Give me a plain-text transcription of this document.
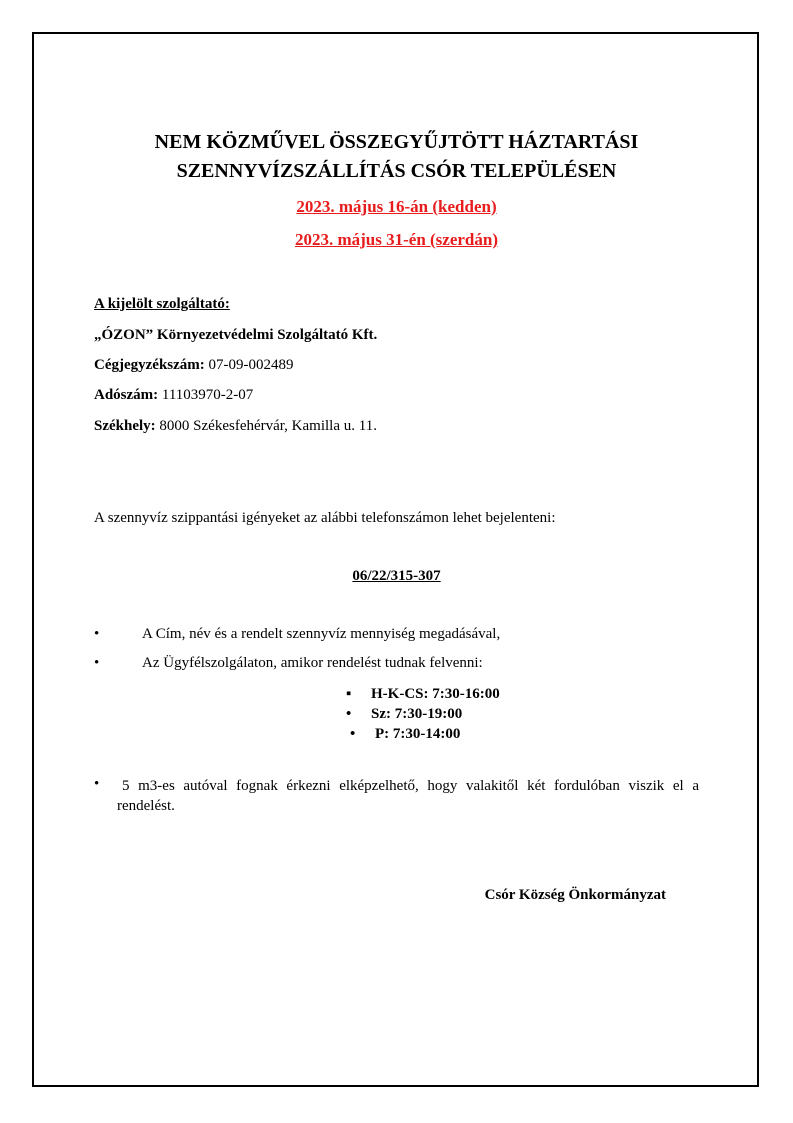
NEM KÖZMŰVEL ÖSSZEGYŰJTÖTT HÁZTARTÁSI
SZENNYVÍZSZÁLLÍTÁS CSÓR TELEPÜLÉSEN
2023. május 16-án (kedden)
2023. május 31-én (szerdán)
A kijelölt szolgáltató:
„ÓZON” Környezetvédelmi Szolgáltató Kft.
Cégjegyzékszám: 07-09-002489
Adószám: 11103970-2-07
Székhely: 8000 Székesfehérvár, Kamilla u. 11.
A szennyvíz szippantási igényeket az alábbi telefonszámon lehet bejelenteni:
06/22/315-307
•	A Cím, név és a rendelt szennyvíz mennyiség megadásával,
•	Az Ügyfélszolgálaton, amikor rendelést tudnak felvenni:
▪ H-K-CS: 7:30-16:00
• Sz: 7:30-19:00
• P: 7:30-14:00
•	5 m3-es autóval fognak érkezni elképzelhető, hogy valakitől két fordulóban viszik el a rendelést.
Csór Község Önkormányzat
